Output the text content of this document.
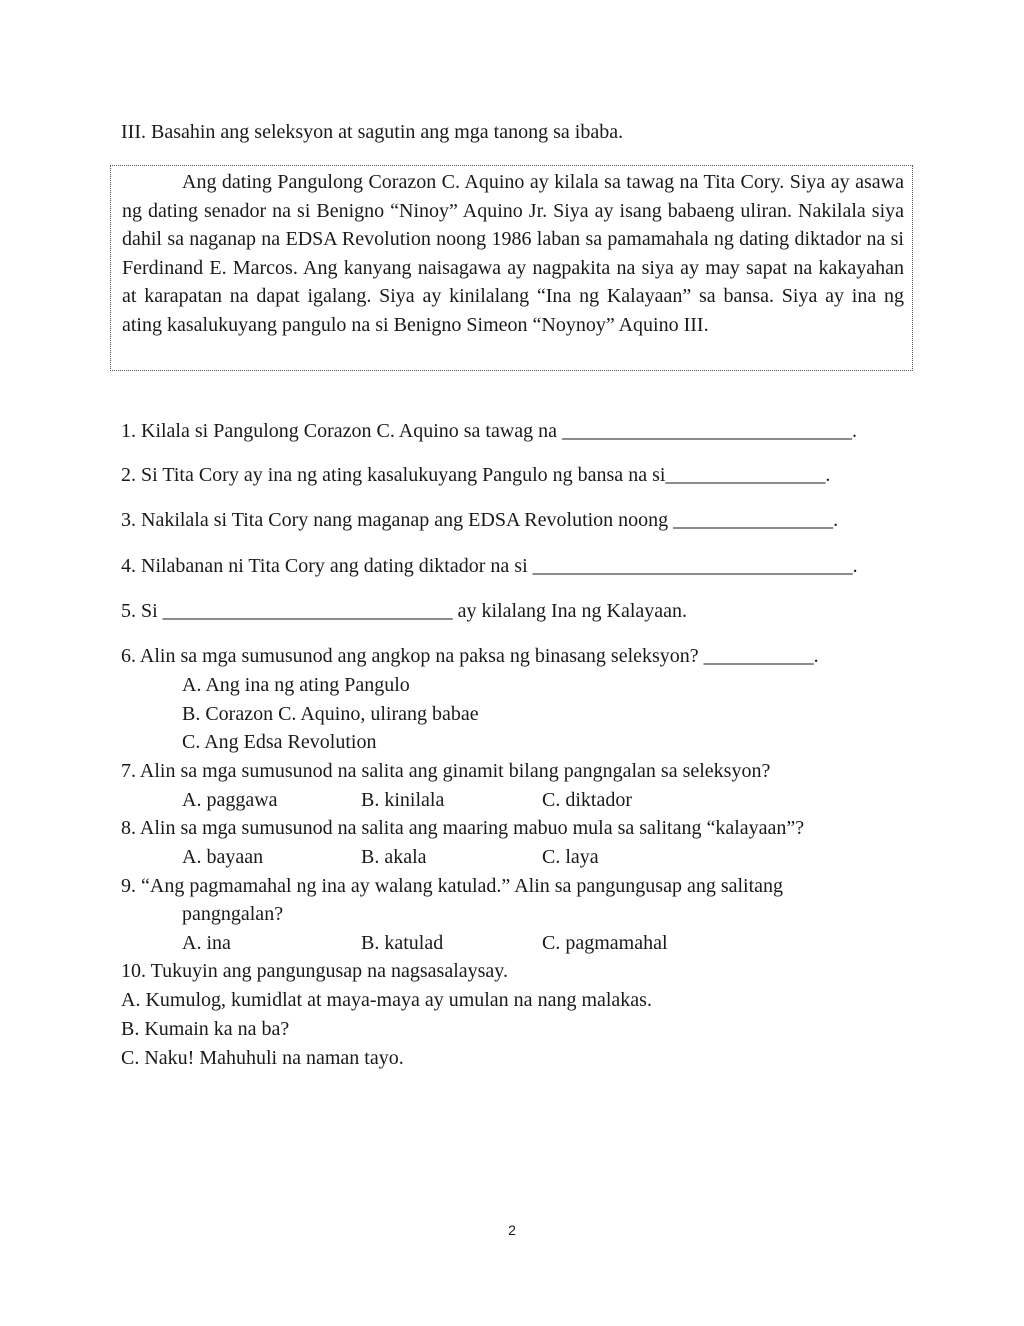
III. Basahin ang seleksyon at sagutin ang mga tanong sa ibaba.

Ang dating Pangulong Corazon C. Aquino ay kilala sa tawag na Tita Cory. Siya ay asawa ng dating senador na si Benigno “Ninoy” Aquino Jr. Siya ay isang babaeng uliran. Nakilala siya dahil sa naganap na EDSA Revolution noong 1986 laban sa pamamahala ng dating diktador na si Ferdinand E. Marcos. Ang kanyang naisagawa ay nagpakita na siya ay may sapat na kakayahan at karapatan na dapat igalang. Siya ay kinilalang “Ina ng Kalayaan” sa bansa. Siya ay ina ng ating kasalukuyang pangulo na si Benigno Simeon “Noynoy” Aquino III.

1. Kilala si Pangulong Corazon C. Aquino sa tawag na _____________________________.
2. Si Tita Cory ay ina ng ating kasalukuyang Pangulo ng bansa na si________________.
3. Nakilala si Tita Cory nang maganap ang EDSA Revolution noong ________________.
4. Nilabanan ni Tita Cory ang dating diktador na si ________________________________.
5. Si _____________________________ ay kilalang Ina ng Kalayaan.
6. Alin sa mga sumusunod ang angkop na paksa ng binasang seleksyon? ___________.
A. Ang ina ng ating Pangulo
B. Corazon C. Aquino, ulirang babae
C. Ang Edsa Revolution
7. Alin sa mga sumusunod na salita ang ginamit bilang pangngalan sa seleksyon?
A. paggawa	B. kinilala	C. diktador
8. Alin sa mga sumusunod na salita ang maaring mabuo mula sa salitang “kalayaan”?
A. bayaan	B. akala	C. laya
9. “Ang pagmamahal ng ina ay walang katulad.” Alin sa pangungusap ang salitang
pangngalan?
A. ina	B. katulad	C. pagmamahal
10. Tukuyin ang pangungusap na nagsasalaysay.
A. Kumulog, kumidlat at maya-maya ay umulan na nang malakas.
B. Kumain ka na ba?
C. Naku! Mahuhuli na naman tayo.
2
